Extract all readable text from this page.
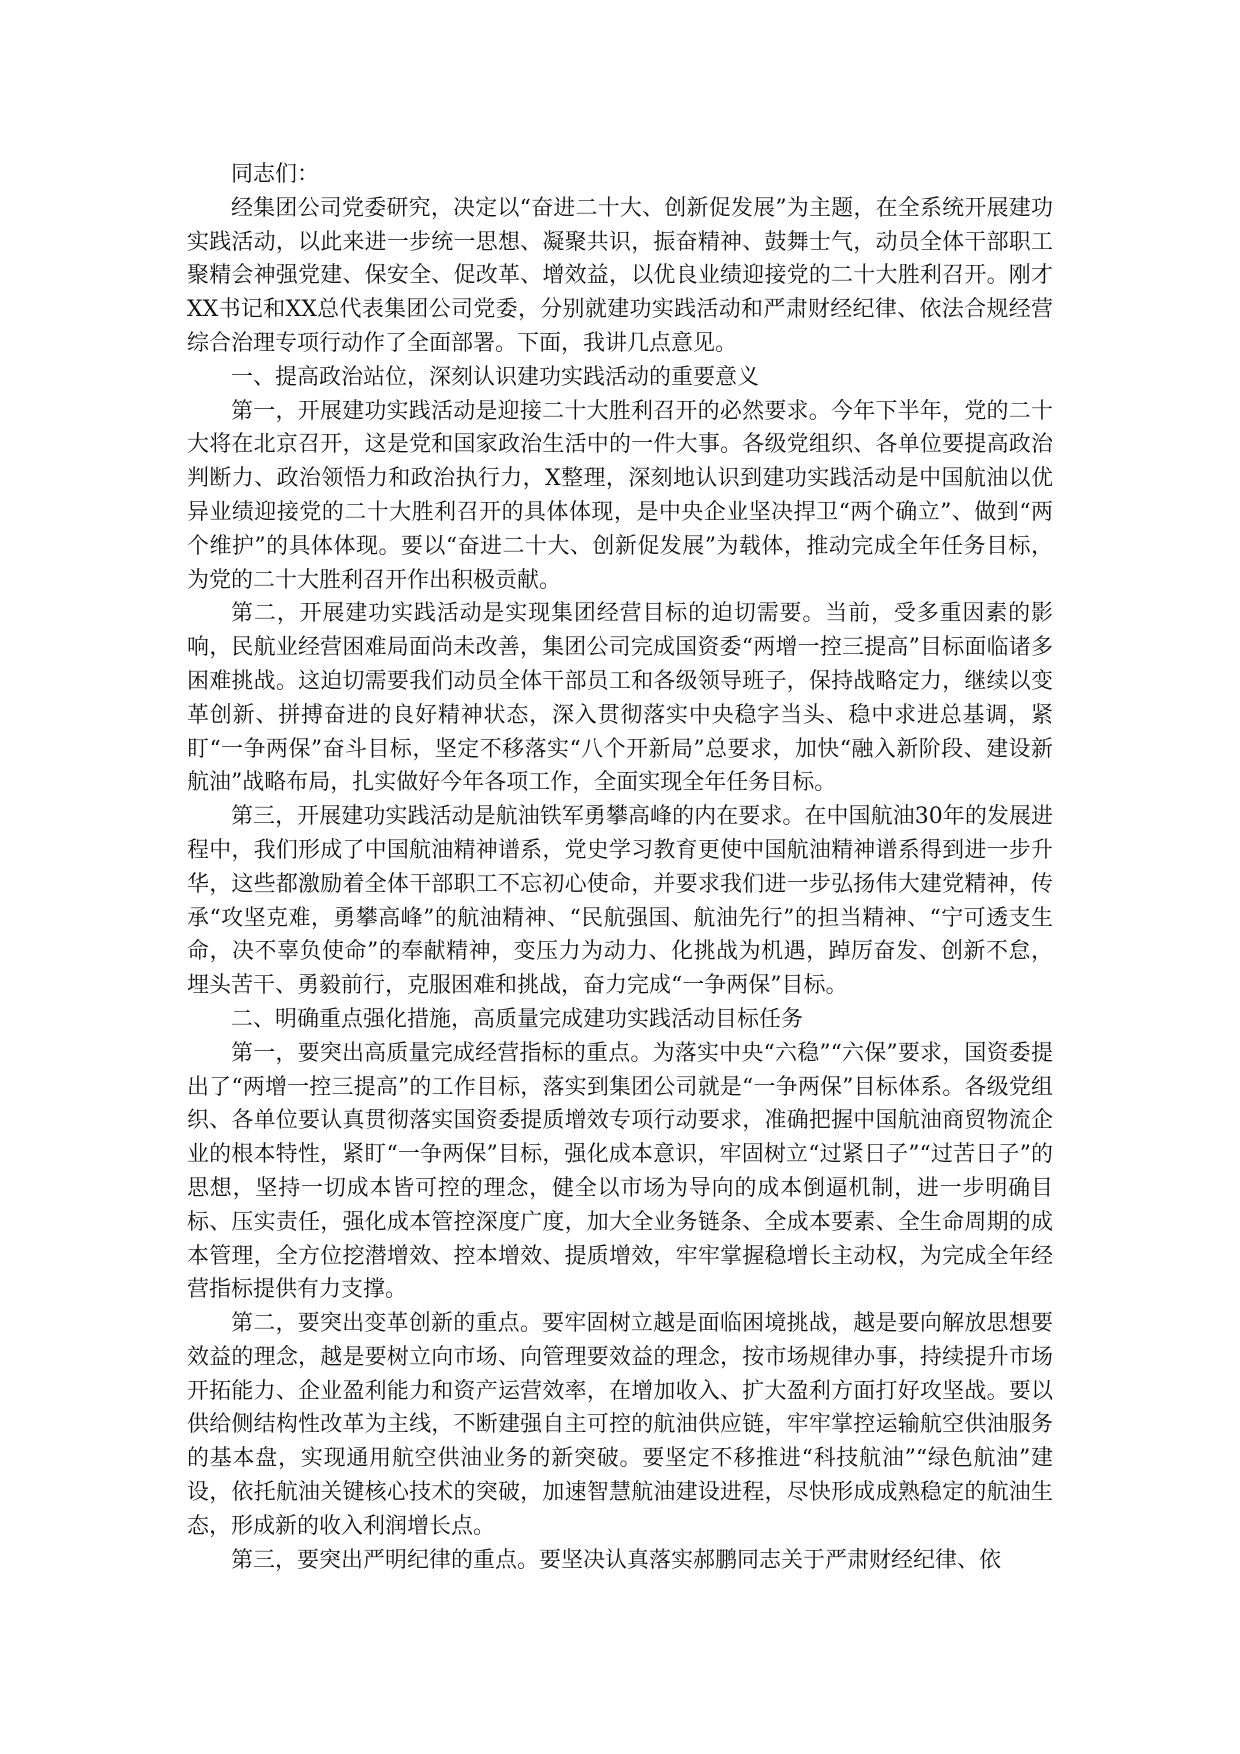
同志们：

经集团公司党委研究，决定以“奋进二十大、创新促发展”为主题，在全系统开展建功实践活动，以此来进一步统一思想、凝聚共识，振奋精神、鼓舞士气，动员全体干部职工聚精会神强党建、保安全、促改革、增效益，以优良业绩迎接党的二十大胜利召开。刚才XX书记和XX总代表集团公司党委，分别就建功实践活动和严肃财经纪律、依法合规经营综合治理专项行动作了全面部署。下面，我讲几点意见。

一、提高政治站位，深刻认识建功实践活动的重要意义

第一，开展建功实践活动是迎接二十大胜利召开的必然要求。今年下半年，党的二十大将在北京召开，这是党和国家政治生活中的一件大事。各级党组织、各单位要提高政治判断力、政治领悟力和政治执行力，X整理，深刻地认识到建功实践活动是中国航油以优异业绩迎接党的二十大胜利召开的具体体现，是中央企业坚决捍卫“两个确立”、做到“两个维护”的具体体现。要以“奋进二十大、创新促发展”为载体，推动完成全年任务目标，为党的二十大胜利召开作出积极贡献。

第二，开展建功实践活动是实现集团经营目标的迫切需要。当前，受多重因素的影响，民航业经营困难局面尚未改善，集团公司完成国资委“两增一控三提高”目标面临诸多困难挑战。这迫切需要我们动员全体干部员工和各级领导班子，保持战略定力，继续以变革创新、拼搏奋进的良好精神状态，深入贯彻落实中央稳字当头、稳中求进总基调，紧盯“一争两保”奋斗目标，坚定不移落实“八个开新局”总要求，加快“融入新阶段、建设新航油”战略布局，扎实做好今年各项工作，全面实现全年任务目标。

第三，开展建功实践活动是航油铁军勇攀高峰的内在要求。在中国航油30年的发展进程中，我们形成了中国航油精神谱系，党史学习教育更使中国航油精神谱系得到进一步升华，这些都激励着全体干部职工不忘初心使命，并要求我们进一步弘扬伟大建党精神，传承“攻坚克难，勇攀高峰”的航油精神、“民航强国、航油先行”的担当精神、“宁可透支生命，决不辜负使命”的奉献精神，变压力为动力、化挑战为机遇，踔厉奋发、创新不怠，埋头苦干、勇毅前行，克服困难和挑战，奋力完成“一争两保”目标。

二、明确重点强化措施，高质量完成建功实践活动目标任务

第一，要突出高质量完成经营指标的重点。为落实中央“六稳”“六保”要求，国资委提出了“两增一控三提高”的工作目标，落实到集团公司就是“一争两保”目标体系。各级党组织、各单位要认真贯彻落实国资委提质增效专项行动要求，准确把握中国航油商贸物流企业的根本特性，紧盯“一争两保”目标，强化成本意识，牢固树立“过紧日子”“过苦日子”的思想，坚持一切成本皆可控的理念，健全以市场为导向的成本倒逼机制，进一步明确目标、压实责任，强化成本管控深度广度，加大全业务链条、全成本要素、全生命周期的成本管理，全方位挖潜增效、控本增效、提质增效，牢牢掌握稳增长主动权，为完成全年经营指标提供有力支撑。

第二，要突出变革创新的重点。要牢固树立越是面临困境挑战，越是要向解放思想要效益的理念，越是要树立向市场、向管理要效益的理念，按市场规律办事，持续提升市场开拓能力、企业盈利能力和资产运营效率，在增加收入、扩大盈利方面打好攻坚战。要以供给侧结构性改革为主线，不断建强自主可控的航油供应链，牢牢掌控运输航空供油服务的基本盘，实现通用航空供油业务的新突破。要坚定不移推进“科技航油”“绿色航油”建设，依托航油关键核心技术的突破，加速智慧航油建设进程，尽快形成成熟稳定的航油生态，形成新的收入利润增长点。

第三，要突出严明纪律的重点。要坚决认真落实郝鹏同志关于严肃财经纪律、依
